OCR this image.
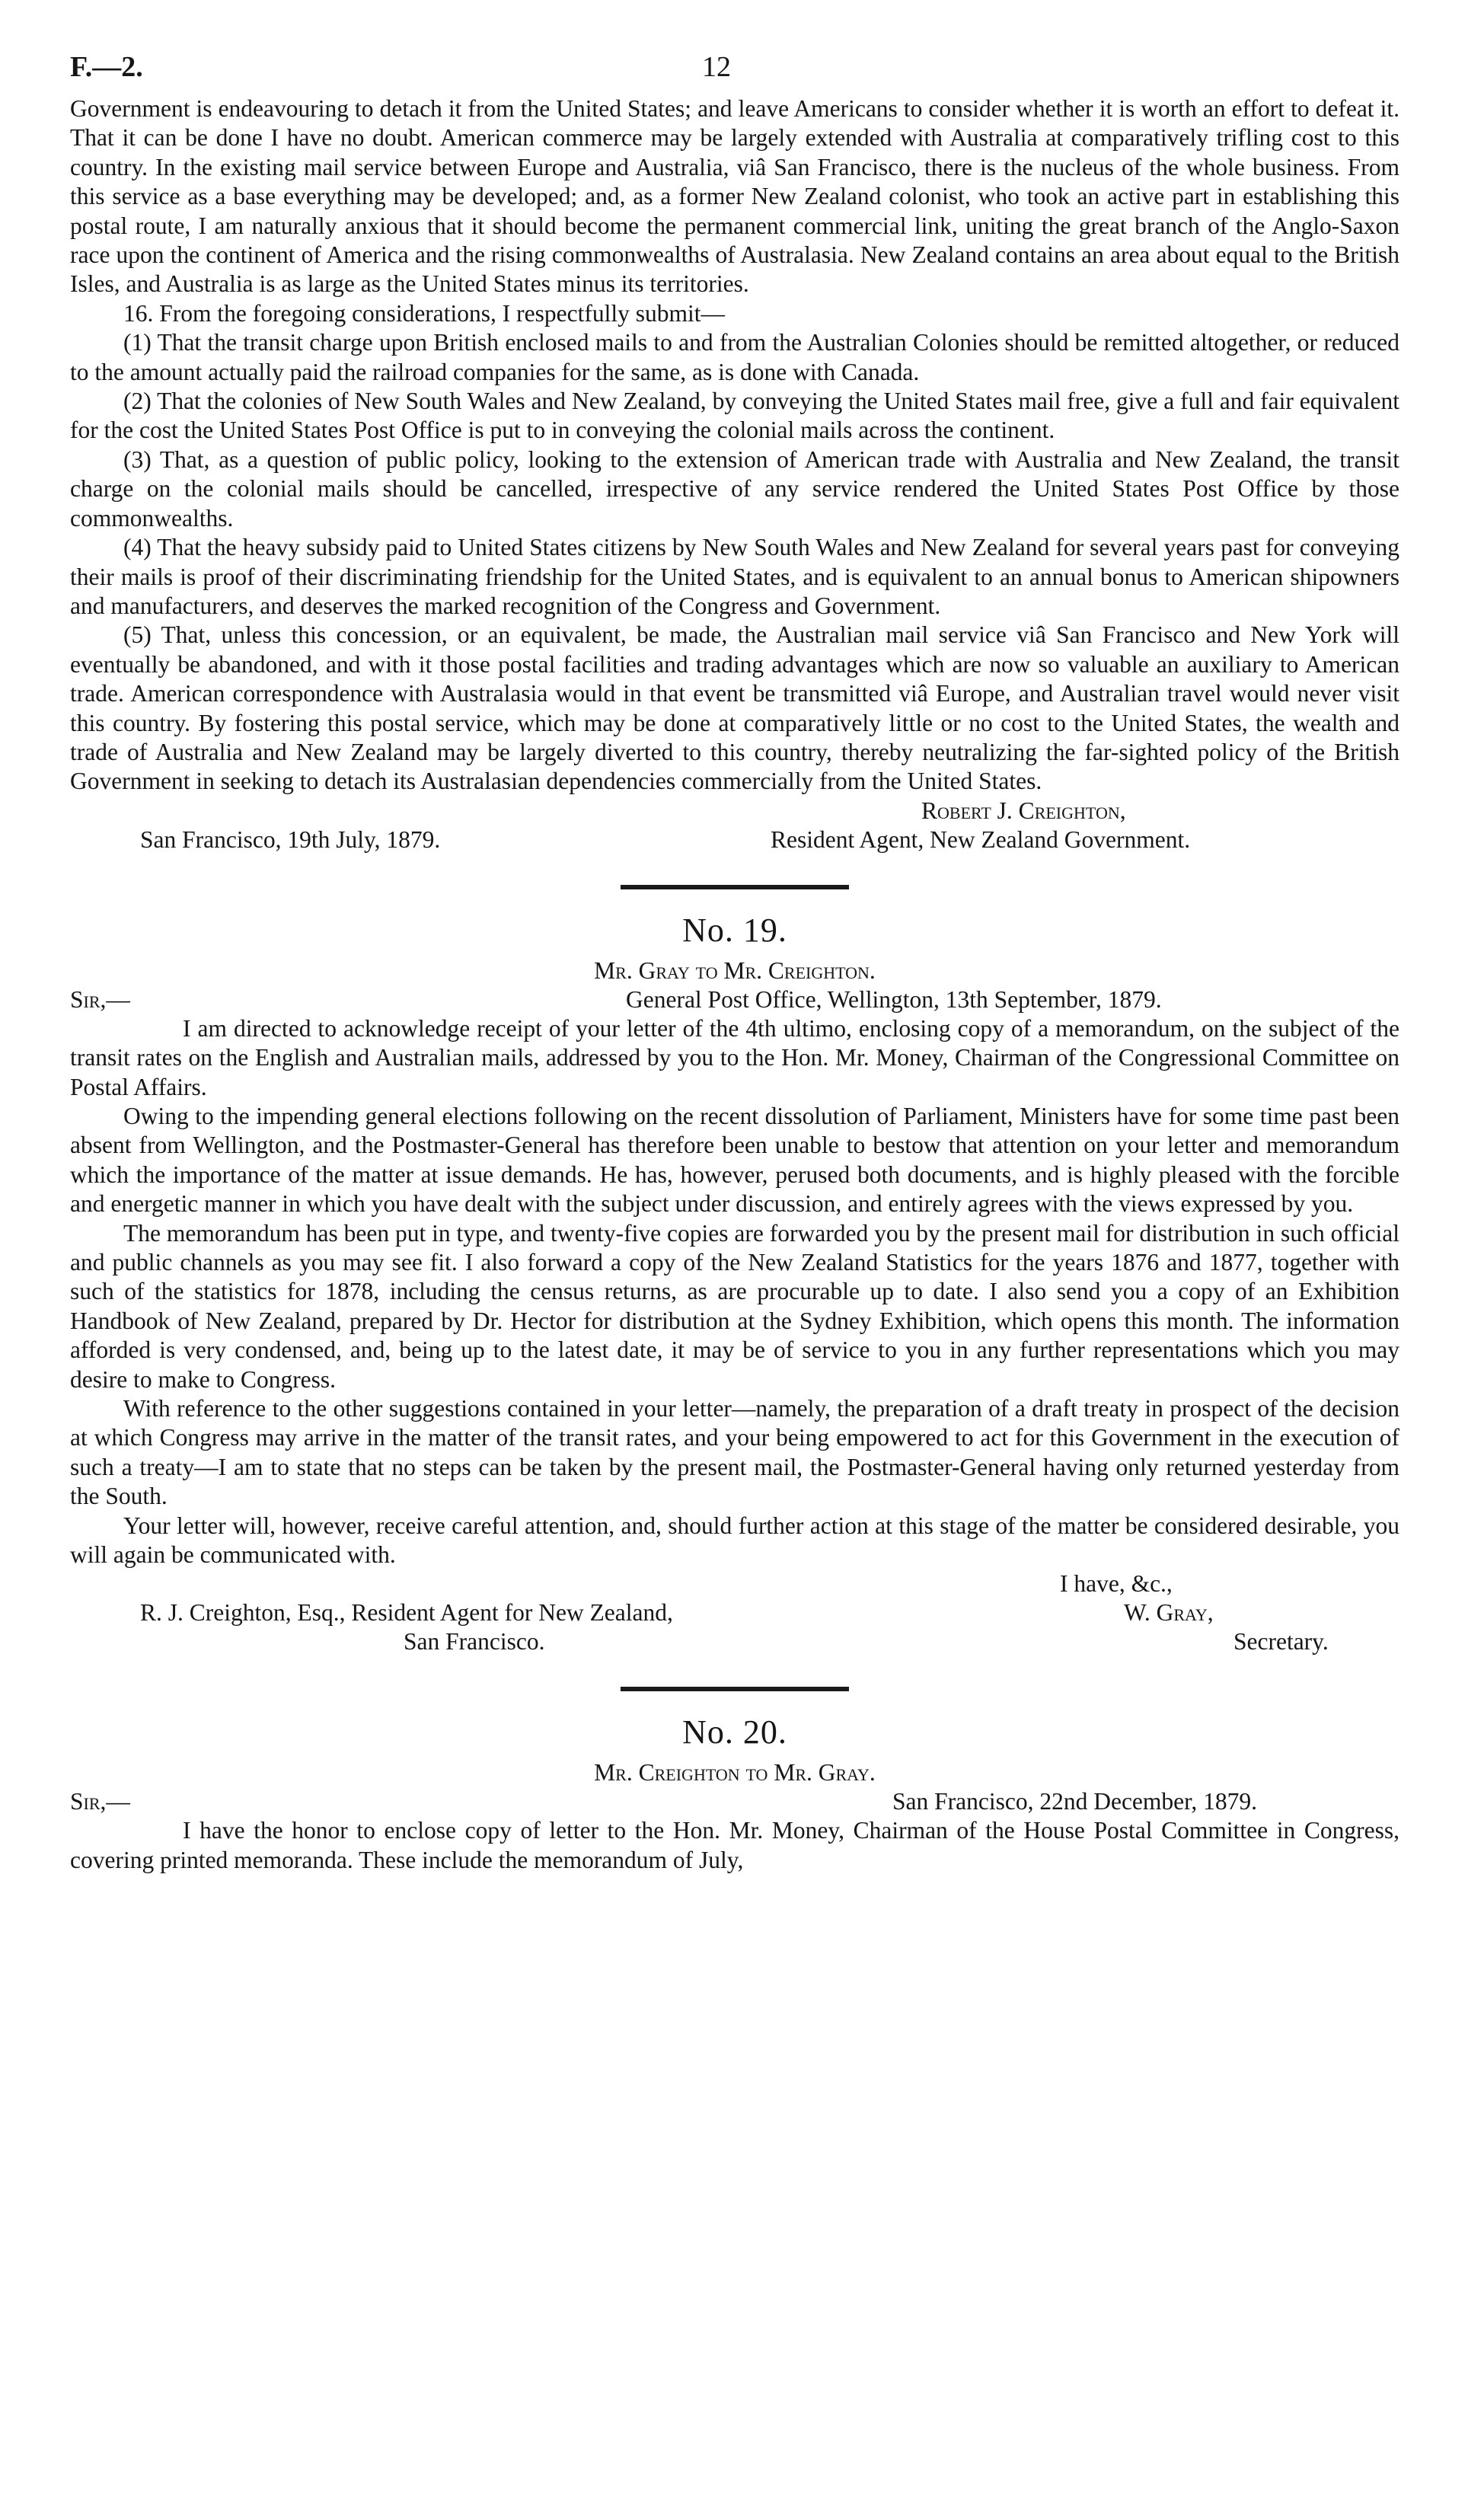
F.—2.	12

Government is endeavouring to detach it from the United States; and leave Americans to consider whether it is worth an effort to defeat it. That it can be done I have no doubt. American commerce may be largely extended with Australia at comparatively trifling cost to this country. In the existing mail service between Europe and Australia, viâ San Francisco, there is the nucleus of the whole business. From this service as a base everything may be developed; and, as a former New Zealand colonist, who took an active part in establishing this postal route, I am naturally anxious that it should become the permanent commercial link, uniting the great branch of the Anglo-Saxon race upon the continent of America and the rising commonwealths of Australasia. New Zealand contains an area about equal to the British Isles, and Australia is as large as the United States minus its territories.

16. From the foregoing considerations, I respectfully submit—

(1) That the transit charge upon British enclosed mails to and from the Australian Colonies should be remitted altogether, or reduced to the amount actually paid the railroad companies for the same, as is done with Canada.

(2) That the colonies of New South Wales and New Zealand, by conveying the United States mail free, give a full and fair equivalent for the cost the United States Post Office is put to in conveying the colonial mails across the continent.

(3) That, as a question of public policy, looking to the extension of American trade with Australia and New Zealand, the transit charge on the colonial mails should be cancelled, irrespective of any service rendered the United States Post Office by those commonwealths.

(4) That the heavy subsidy paid to United States citizens by New South Wales and New Zealand for several years past for conveying their mails is proof of their discriminating friendship for the United States, and is equivalent to an annual bonus to American shipowners and manufacturers, and deserves the marked recognition of the Congress and Government.

(5) That, unless this concession, or an equivalent, be made, the Australian mail service viâ San Francisco and New York will eventually be abandoned, and with it those postal facilities and trading advantages which are now so valuable an auxiliary to American trade. American correspondence with Australasia would in that event be transmitted viâ Europe, and Australian travel would never visit this country. By fostering this postal service, which may be done at comparatively little or no cost to the United States, the wealth and trade of Australia and New Zealand may be largely diverted to this country, thereby neutralizing the far-sighted policy of the British Government in seeking to detach its Australasian dependencies commercially from the United States.

Robert J. Creighton,
San Francisco, 19th July, 1879.	Resident Agent, New Zealand Government.
No. 19.
Mr. Gray to Mr. Creighton.
Sir,—	General Post Office, Wellington, 13th September, 1879.

I am directed to acknowledge receipt of your letter of the 4th ultimo, enclosing copy of a memorandum, on the subject of the transit rates on the English and Australian mails, addressed by you to the Hon. Mr. Money, Chairman of the Congressional Committee on Postal Affairs.

Owing to the impending general elections following on the recent dissolution of Parliament, Ministers have for some time past been absent from Wellington, and the Postmaster-General has therefore been unable to bestow that attention on your letter and memorandum which the importance of the matter at issue demands. He has, however, perused both documents, and is highly pleased with the forcible and energetic manner in which you have dealt with the subject under discussion, and entirely agrees with the views expressed by you.

The memorandum has been put in type, and twenty-five copies are forwarded you by the present mail for distribution in such official and public channels as you may see fit. I also forward a copy of the New Zealand Statistics for the years 1876 and 1877, together with such of the statistics for 1878, including the census returns, as are procurable up to date. I also send you a copy of an Exhibition Handbook of New Zealand, prepared by Dr. Hector for distribution at the Sydney Exhibition, which opens this month. The information afforded is very condensed, and, being up to the latest date, it may be of service to you in any further representations which you may desire to make to Congress.

With reference to the other suggestions contained in your letter—namely, the preparation of a draft treaty in prospect of the decision at which Congress may arrive in the matter of the transit rates, and your being empowered to act for this Government in the execution of such a treaty—I am to state that no steps can be taken by the present mail, the Postmaster-General having only returned yesterday from the South.

Your letter will, however, receive careful attention, and, should further action at this stage of the matter be considered desirable, you will again be communicated with.

I have, &c.,
R. J. Creighton, Esq., Resident Agent for New Zealand,	W. Gray,
San Francisco.	Secretary.
No. 20.
Mr. Creighton to Mr. Gray.
Sir,—	San Francisco, 22nd December, 1879.

I have the honor to enclose copy of letter to the Hon. Mr. Money, Chairman of the House Postal Committee in Congress, covering printed memoranda. These include the memorandum of July,
